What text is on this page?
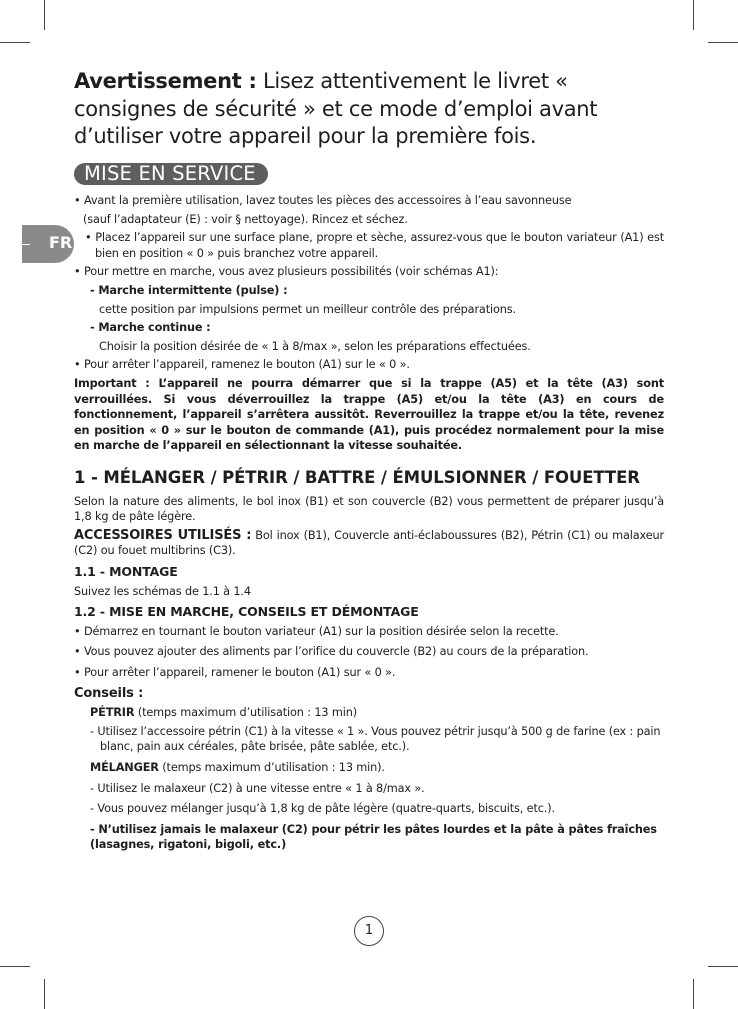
FR
Avertissement : Lisez attentivement le livret « consignes de sécurité » et ce mode d’emploi avant d’utiliser votre appareil pour la première fois.
MISE EN SERVICE

• Avant la première utilisation, lavez toutes les pièces des accessoires à l’eau savonneuse

(sauf l’adaptateur (E) : voir § nettoyage). Rincez et séchez.

• Placez l’appareil sur une surface plane, propre et sèche, assurez-vous que le bouton variateur (A1) est bien en position « 0 » puis branchez votre appareil.

• Pour mettre en marche, vous avez plusieurs possibilités (voir schémas A1):

- Marche intermittente (pulse) :

cette position par impulsions permet un meilleur contrôle des préparations.

- Marche continue :

Choisir la position désirée de « 1 à 8/max », selon les préparations effectuées.

• Pour arrêter l’appareil, ramenez le bouton (A1) sur le « 0 ».

Important : L’appareil ne pourra démarrer que si la trappe (A5) et la tête (A3) sont verrouillées. Si vous déverrouillez la trappe (A5) et/ou la tête (A3) en cours de fonctionnement, l’appareil s’arrêtera aussitôt. Reverrouillez la trappe et/ou la tête, revenez en position « 0 » sur le bouton de commande (A1), puis procédez normalement pour la mise en marche de l’appareil en sélectionnant la vitesse souhaitée.

1 - MÉLANGER / PÉTRIR / BATTRE / ÉMULSIONNER / FOUETTER

Selon la nature des aliments, le bol inox (B1) et son couvercle (B2) vous permettent de préparer jusqu’à 1,8 kg de pâte légère.

ACCESSOIRES UTILISÉS : Bol inox (B1), Couvercle anti-éclaboussures (B2), Pétrin (C1) ou malaxeur (C2) ou fouet multibrins (C3).

1.1 - MONTAGE

Suivez les schémas de 1.1 à 1.4

1.2 - MISE EN MARCHE, CONSEILS ET DÉMONTAGE

• Démarrez en tournant le bouton variateur (A1) sur la position désirée selon la recette.

• Vous pouvez ajouter des aliments par l’orifice du couvercle (B2) au cours de la préparation.

• Pour arrêter l’appareil, ramener le bouton (A1) sur « 0 ».

Conseils :

PÉTRIR (temps maximum d’utilisation : 13 min)

- Utilisez l’accessoire pétrin (C1) à la vitesse « 1 ». Vous pouvez pétrir jusqu’à 500 g de farine (ex : pain blanc, pain aux céréales, pâte brisée, pâte sablée, etc.).

MÉLANGER (temps maximum d’utilisation : 13 min).

- Utilisez le malaxeur (C2) à une vitesse entre « 1 à 8/max ».

- Vous pouvez mélanger jusqu’à 1,8 kg de pâte légère (quatre-quarts, biscuits, etc.).

- N’utilisez jamais le malaxeur (C2) pour pétrir les pâtes lourdes et la pâte à pâtes fraîches (lasagnes, rigatoni, bigoli, etc.)

1
